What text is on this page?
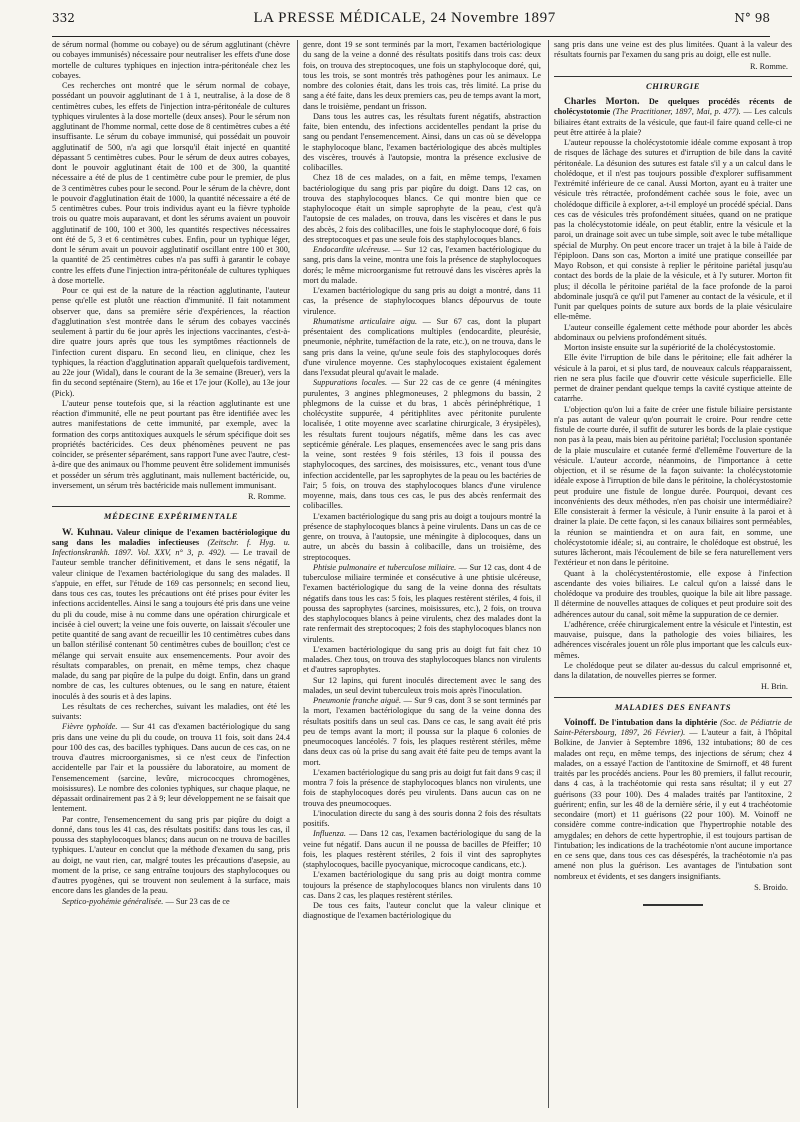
332	LA PRESSE MÉDICALE, 24 Novembre 1897	N° 98

de sérum normal (homme ou cobaye) ou de sérum agglutinant (chèvre ou cobayes immunisés) nécessaire pour neutraliser les effets d'une dose mortelle de cultures typhiques en injection intra-péritonéale chez les cobayes.

Ces recherches ont montré que le sérum normal de cobaye, possédant un pouvoir agglutinant de 1 à 1, neutralise, à la dose de 8 centimètres cubes, les effets de l'injection intra-péritonéale de cultures typhiques virulentes à la dose mortelle (deux anses). Pour le sérum non agglutinant de l'homme normal, cette dose de 8 centimètres cubes a été insuffisante. Le sérum du cobaye immunisé, qui possédait un pouvoir agglutinatif de 500, n'a agi que lorsqu'il était injecté en quantité dépassant 5 centimètres cubes. Pour le sérum de deux autres cobayes, dont le pouvoir agglutinant était de 100 et de 300, la quantité nécessaire a été de plus de 1 centimètre cube pour le premier, de plus de 3 centimètres cubes pour le second. Pour le sérum de la chèvre, dont le pouvoir d'agglutination était de 1000, la quantité nécessaire a été de 5 centimètres cubes. Pour trois individus ayant eu la fièvre typhoïde trois ou quatre mois auparavant, et dont les sérums avaient un pouvoir agglutinatif de 100, 100 et 300, les quantités respectives nécessaires ont été de 5, 3 et 6 centimètres cubes. Enfin, pour un typhique léger, dont le sérum avait un pouvoir agglutinatif oscillant entre 100 et 300, la quantité de 25 centimètres cubes n'a pas suffi à garantir le cobaye contre les effets d'une l'injection intra-péritonéale de cultures typhiques à dose mortelle.

Pour ce qui est de la nature de la réaction agglutinante, l'auteur pense qu'elle est plutôt une réaction d'immunité. Il fait notamment observer que, dans sa première série d'expériences, la réaction d'agglutination s'est montrée dans le sérum des cobayes vaccinés seulement à partir du 6e jour après les injections vaccinantes, c'est-à-dire quatre jours après que tous les symptômes réactionnels de l'infection curent disparu. En second lieu, en clinique, chez les typhiques, la réaction d'agglutination apparaît quelquefois tardivement, au 22e jour (Widal), dans le courant de la 3e semaine (Breuer), vers la fin du second septénaire (Stern), au 16e et 17e jour (Kolle), au 13e jour (Pick).

L'auteur pense toutefois que, si la réaction agglutinante est une réaction d'immunité, elle ne peut pourtant pas être identifiée avec les autres manifestations de cette immunité, par exemple, avec la formation des corps antitoxiques auxquels le sérum spécifique doit ses propriétés bactéricides. Ces deux phénomènes peuvent ne pas coïncider, se présenter séparément, sans rapport l'une avec l'autre, c'est-à-dire que des animaux ou l'homme peuvent être solidement immunisés et posséder un sérum très agglutinant, mais nullement bactéricide, ou, inversement, un sérum très bactéricide mais nullement immunisant.

R. Romme.
MÉDECINE EXPÉRIMENTALE

W. Kuhnau. Valeur clinique de l'examen bactériologique du sang dans les maladies infectieuses (Zeitschr. f. Hyg. u. Infectionskrankh. 1897. Vol. XXV, n° 3, p. 492). — Le travail de l'auteur semble trancher définitivement, et dans le sens négatif, la valeur clinique de l'examen bactériologique du sang des malades. Il s'appuie, en effet, sur l'étude de 169 cas personnels; en second lieu, dans tous ces cas, toutes les précautions ont été prises pour éviter les infections accidentelles. Ainsi le sang a toujours été pris dans une veine du pli du coude, mise à nu comme dans une opération chirurgicale et incisée à ciel ouvert; la veine une fois ouverte, on laissait s'écouler une petite quantité de sang avant de recueillir les 10 centimètres cubes dans un ballon stérilisé contenant 50 centimètres cubes de bouillon; c'est ce mélange qui servait ensuite aux ensemencements. Pour avoir des résultats comparables, on prenait, en même temps, chez chaque malade, du sang par piqûre de la pulpe du doigt. Enfin, dans un grand nombre de cas, les cultures obtenues, ou le sang en nature, étaient inoculés à des souris et à des lapins.

Les résultats de ces recherches, suivant les maladies, ont été les suivants:

Fièvre typhoïde. — Sur 41 cas d'examen bactériologique du sang pris dans une veine du pli du coude, on trouva 11 fois, soit dans 24.4 pour 100 des cas, des bacilles typhiques. Dans aucun de ces cas, on ne trouva d'autres microorganismes, si ce n'est ceux de l'infection accidentelle par l'air et la poussière du laboratoire, au moment de l'ensemencement (sarcine, levûre, micrococques chromogènes, moisissures). Le nombre des colonies typhiques, sur chaque plaque, ne dépassait ordinairement pas 2 à 9; leur développement ne se faisait que lentement.

Par contre, l'ensemencement du sang pris par piqûre du doigt a donné, dans tous les 41 cas, des résultats positifs: dans tous les cas, il poussa des staphylocoques blancs; dans aucun on ne trouva de bacilles typhiques. L'auteur en conclut que la méthode d'examen du sang, pris au doigt, ne vaut rien, car, malgré toutes les précautions d'asepsie, au moment de la prise, ce sang entraîne toujours des staphylocoques ou d'autres pyogènes, qui se trouvent non seulement à la surface, mais encore dans les glandes de la peau.

Septico-pyohémie généralisée. — Sur 23 cas de ce

genre, dont 19 se sont terminés par la mort, l'examen bactériologique du sang de la veine a donné des résultats positifs dans trois cas: deux fois, on trouva des streptocoques, une fois un staphylocoque doré, qui, tous les trois, se sont montrés très pathogènes pour les animaux. Le nombre des colonies était, dans les trois cas, très limité. La prise du sang a été faite, dans les deux premiers cas, peu de temps avant la mort, dans le troisième, pendant un frisson.

Dans tous les autres cas, les résultats furent négatifs, abstraction faite, bien entendu, des infections accidentelles pendant la prise du sang ou pendant l'ensemencement. Ainsi, dans un cas où se développa le staphylocoque blanc, l'examen bactériologique des abcès multiples des viscères, trouvés à l'autopsie, montra la présence exclusive de colibacilles.

Chez 18 de ces malades, on a fait, en même temps, l'examen bactériologique du sang pris par piqûre du doigt. Dans 12 cas, on trouva des staphylocoques blancs. Ce qui montre bien que ce staphylocoque était un simple saprophyte de la peau, c'est qu'à l'autopsie de ces malades, on trouva, dans les viscères et dans le pus des abcès, 2 fois des colibacilles, une fois le staphylocoque doré, 6 fois des streptocoques et pas une seule fois des staphylocoques blancs.

Endocardite ulcéreuse. — Sur 12 cas, l'examen bactériologique du sang, pris dans la veine, montra une fois la présence de staphylocoques dorés; le même microorganisme fut retrouvé dans les viscères après la mort du malade.

L'examen bactériologique du sang pris au doigt a montré, dans 11 cas, la présence de staphylocoques blancs dépourvus de toute virulence.

Rhumatisme articulaire aigu. — Sur 67 cas, dont la plupart présentaient des complications multiples (endocardite, pleurésie, pneumonie, néphrite, tuméfaction de la rate, etc.), on ne trouva, dans le sang pris dans la veine, qu'une seule fois des staphylocoques dorés d'une virulence moyenne. Ces staphylocoques existaient également dans l'exsudat pleural qu'avait le malade.

Suppurations locales. — Sur 22 cas de ce genre (4 méningites purulentes, 3 angines phlegmoneuses, 2 phlegmons du bassin, 2 phlegmons de la cuisse et du bras, 1 abcès périnéphrétique, 1 cholécystite suppurée, 4 péritiphlites avec péritonite purulente localisée, 1 otite moyenne avec scarlatine chirurgicale, 3 érysipèles), les résultats furent toujours négatifs, même dans les cas avec septicémie générale. Les plaques, ensemencées avec le sang pris dans la veine, sont restées 9 fois stériles, 13 fois il poussa des staphylocoques, des sarcines, des moisissures, etc., venant tous d'une infection accidentelle, par les saprophytes de la peau ou les bactéries de l'air; 5 fois, on trouva des staphylocoques blancs d'une virulence moyenne, mais, dans tous ces cas, le pus des abcès renfermait des colibacilles.

L'examen bactériologique du sang pris au doigt a toujours montré la présence de staphylocoques blancs à peine virulents. Dans un cas de ce genre, on trouva, à l'autopsie, une méningite à diplocoques, dans un autre, un abcès du bassin à colibacille, dans un troisième, des streptocoques.

Phtisie pulmonaire et tuberculose miliaire. — Sur 12 cas, dont 4 de tuberculose miliaire terminée et consécutive à une phtisie ulcéreuse, l'examen bactériologique du sang de la veine donna des résultats négatifs dans tous les cas: 5 fois, les plaques restèrent stériles, 4 fois, il poussa des saprophytes (sarcines, moisissures, etc.), 2 fois, on trouva des staphylocoques blancs à peine virulents, chez des malades dont la rate renfermait des streptocoques; 2 fois des staphylocoques blancs non virulents.

L'examen bactériologique du sang pris au doigt fut fait chez 10 malades. Chez tous, on trouva des staphylocoques blancs non virulents et d'autres saprophytes.

Sur 12 lapins, qui furent inoculés directement avec le sang des malades, un seul devint tuberculeux trois mois après l'inoculation.

Pneumonie franche aiguë. — Sur 9 cas, dont 3 se sont terminés par la mort, l'examen bactériologique du sang de la veine donna des résultats positifs dans un seul cas. Dans ce cas, le sang avait été pris peu de temps avant la mort; il poussa sur la plaque 6 colonies de pneumocoques lancéolés. 7 fois, les plaques restèrent stériles, même dans deux cas où la prise du sang avait été faite peu de temps avant la mort.

L'examen bactériologique du sang pris au doigt fut fait dans 9 cas; il montra 7 fois la présence de staphylocoques blancs non virulents, une fois de staphylocoques dorés peu virulents. Dans aucun cas on ne trouva des pneumocoques.

L'inoculation directe du sang à des souris donna 2 fois des résultats positifs.

Influenza. — Dans 12 cas, l'examen bactériologique du sang de la veine fut négatif. Dans aucun il ne poussa de bacilles de Pfeiffer; 10 fois, les plaques restèrent stériles, 2 fois il vint des saprophytes (staphylocoques, bacille pyocyanique, microcoque candicans, etc.).

L'examen bactériologique du sang pris au doigt montra comme toujours la présence de staphylocoques blancs non virulents dans 10 cas. Dans 2 cas, les plaques restèrent stériles.

De tous ces faits, l'auteur conclut que la valeur clinique et diagnostique de l'examen bactériologique du

sang pris dans une veine est des plus limitées. Quant à la valeur des résultats fournis par l'examen du sang pris au doigt, elle est nulle.

R. Romme.
CHIRURGIE

Charles Morton. De quelques procédés récents de cholécystotomie (The Practitioner, 1897, Mai, p. 477). — Les calculs biliaires étant extraits de la vésicule, que faut-il faire quand celle-ci ne peut être attirée à la plaie?

L'auteur repousse la cholécystotomie idéale comme exposant à trop de risques de lâchage des sutures et d'irruption de bile dans la cavité péritonéale. La désunion des sutures est fatale s'il y a un calcul dans le cholédoque, et il n'est pas toujours possible d'explorer suffisamment l'extrémité inférieure de ce canal. Aussi Morton, ayant eu à traiter une vésicule très rétractée, profondément cachée sous le foie, avec un cholédoque difficile à explorer, a-t-il employé un procédé spécial. Dans ces cas de vésicules très profondément situées, quand on ne pratique pas la cholécystotomie idéale, on peut établir, entre la vésicule et la paroi, un drainage soit avec un tube simple, soit avec le tube métallique spécial de Murphy. On peut encore tracer un trajet à la bile à l'aide de l'épiploon. Dans son cas, Morton a imité une pratique conseillée par Mayo Robson, et qui consiste à replier le péritoine pariétal jusqu'au contact des bords de la plaie de la vésicule, et à l'y suturer. Morton fit plus; il décolla le péritoine pariétal de la face profonde de la paroi abdominale jusqu'à ce qu'il put l'amener au contact de la vésicule, et il l'unit par quelques points de suture aux bords de la plaie vésiculaire elle-même.

L'auteur conseille également cette méthode pour aborder les abcès abdominaux ou pelviens profondément situés.

Morton insiste ensuite sur la supériorité de la cholécystostomie.

Elle évite l'irruption de bile dans le péritoine; elle fait adhérer la vésicule à la paroi, et si plus tard, de nouveaux calculs réapparaissent, rien ne sera plus facile que d'ouvrir cette vésicule superficielle. Elle permet de drainer pendant quelque temps la cavité cystique atteinte de catarrhe.

L'objection qu'on lui a faite de créer une fistule biliaire persistante n'a pas autant de valeur qu'on pourrait le croire. Pour rendre cette fistule de courte durée, il suffit de suturer les bords de la plaie cystique non pas à la peau, mais bien au péritoine pariétal; l'occlusion spontanée de la plaie musculaire et cutanée fermé d'ellemême l'ouverture de la vésicule. L'auteur accorde, néanmoins, de l'importance à cette objection, et il se résume de la façon suivante: la cholécystotomie idéale expose à l'irruption de bile dans le péritoine, la cholécystostomie peut produire une fistule de longue durée. Pourquoi, devant ces inconvénients des deux méthodes, n'en pas choisir une intermédiaire? Elle consisterait à fermer la vésicule, à l'unir ensuite à la paroi et à drainer la plaie. De cette façon, si les canaux biliaires sont perméables, la réunion se maintiendra et on aura fait, en somme, une cholécystotomie idéale; si, au contraire, le cholédoque est obstrué, les sutures lâcheront, mais l'écoulement de bile se fera naturellement vers l'extérieur et non dans le péritoine.

Quant à la cholécystentérostomie, elle expose à l'infection ascendante des voies biliaires. Le calcul qu'on a laissé dans le cholédoque va produire des troubles, quoique la bile ait libre passage. Il détermine de nouvelles attaques de coliques et peut produire soit des adhérences autour du canal, soit même la suppuration de ce dernier.

L'adhérence, créée chirurgicalement entre la vésicule et l'intestin, est mauvaise, puisque, dans la pathologie des voies biliaires, les adhérences viscérales jouent un rôle plus important que les calculs eux-mêmes.

Le cholédoque peut se dilater au-dessus du calcul emprisonné et, dans la dilatation, de nouvelles pierres se former.

H. Brin.
MALADIES DES ENFANTS

Voinoff. De l'intubation dans la diphtérie (Soc. de Pédiatrie de Saint-Pétersbourg, 1897, 26 Février). — L'auteur a fait, à l'hôpital Bolkine, de Janvier à Septembre 1896, 132 intubations; 80 de ces malades ont reçu, en même temps, des injections de sérum; chez 4 malades, on a essayé l'action de l'antitoxine de Smirnoff, et 48 furent traités par les procédés anciens. Pour les 80 premiers, il fallut recourir, dans 4 cas, à la trachéotomie qui resta sans résultat; il y eut 27 guérisons (33 pour 100). Des 4 malades traités par l'antitoxine, 2 guérirent; enfin, sur les 48 de la dernière série, il y eut 4 trachéotomie secondaire (mort) et 11 guérisons (22 pour 100). M. Voinoff ne considère comme contre-indication que l'hypertrophie notable des amygdales; en dehors de cette hypertrophie, il est toujours partisan de l'intubation; les indications de la trachéotomie n'ont aucune importance en ce sens que, dans tous ces cas désespérés, la trachéotomie n'a pas amené non plus la guérison. Les avantages de l'intubation sont nombreux et évidents, et ses dangers insignifiants.

S. Broido.
